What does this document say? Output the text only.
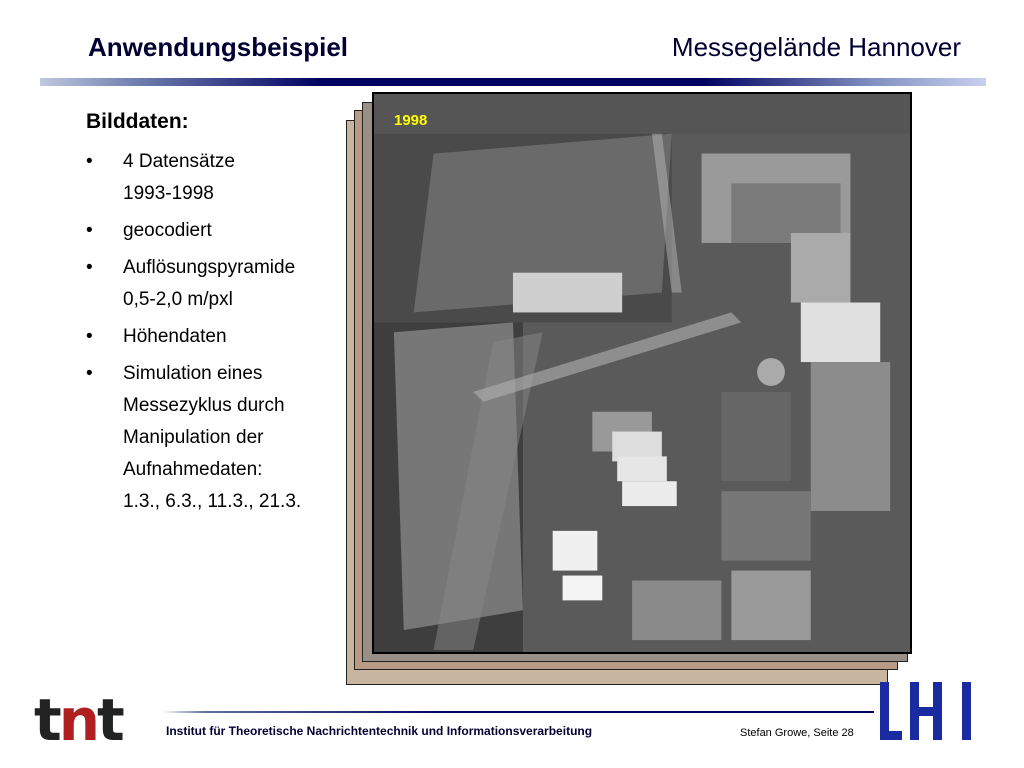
Anwendungsbeispiel	Messegelände Hannover
Bilddaten:
• 4 Datensätze
1993-1998
• geocodiert
• Auflösungspyramide
0,5-2,0 m/pxl
• Höhendaten
• Simulation eines
Messezyklus durch
Manipulation der
Aufnahmedaten:
1.3., 6.3., 11.3., 21.3.
1998
tnt	Institut für Theoretische Nachrichtentechnik und Informationsverarbeitung	Stefan Growe, Seite 28
